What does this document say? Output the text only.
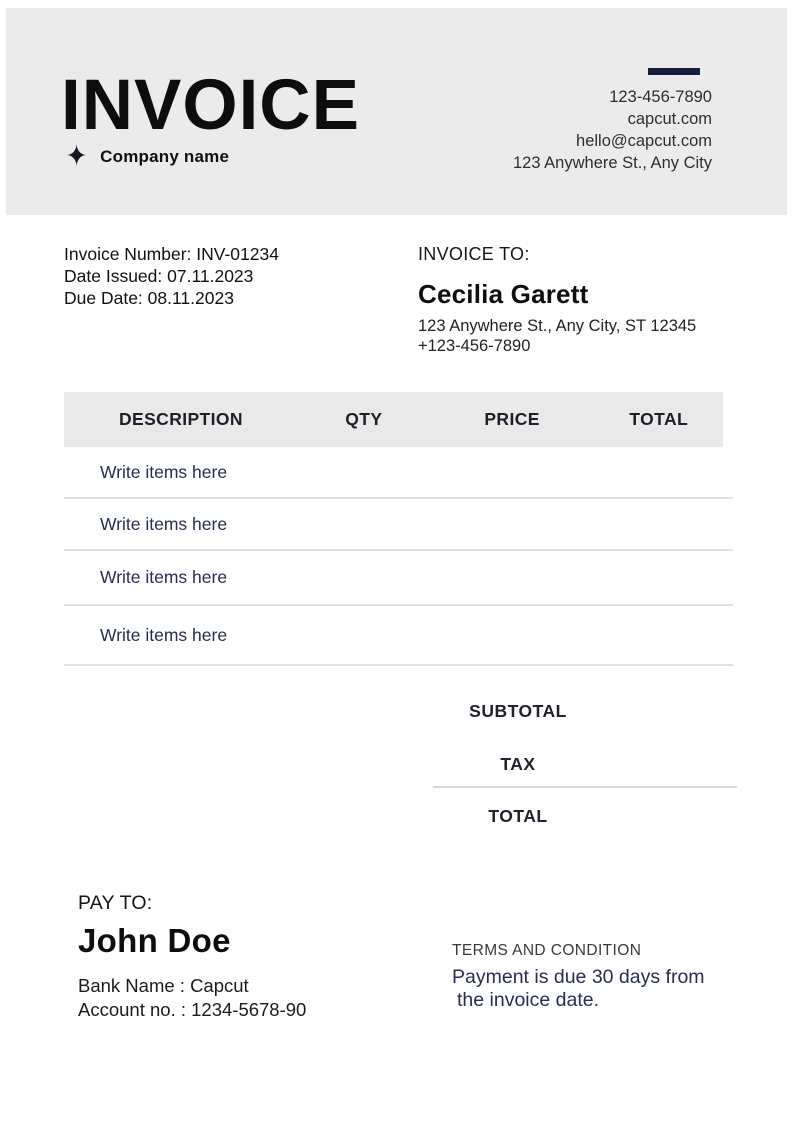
INVOICE
✦ Company name
123-456-7890
capcut.com
hello@capcut.com
123 Anywhere St., Any City
Invoice Number: INV-01234
Date Issued: 07.11.2023
Due Date: 08.11.2023
INVOICE TO:
Cecilia Garett
123 Anywhere St., Any City, ST 12345
+123-456-7890
DESCRIPTION	QTY	PRICE	TOTAL
Write items here
Write items here
Write items here
Write items here
SUBTOTAL
TAX
TOTAL
PAY TO:
John Doe
Bank Name : Capcut
Account no. : 1234-5678-90
TERMS AND CONDITION
Payment is due 30 days from
the invoice date.
